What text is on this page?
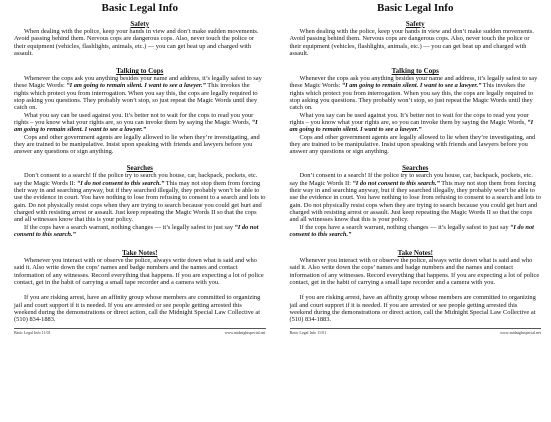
Basic Legal Info
Safety

When dealing with the police, keep your hands in view and don’t make sudden movements. Avoid passing behind them. Nervous cops are dangerous cops. Also, never touch the police or their equipment (vehicles, flashlights, animals, etc.) — you can get beat up and charged with assault.

Talking to Cops

Whenever the cops ask you anything besides your name and address, it’s legally safest to say these Magic Words: “I am going to remain silent. I want to see a lawyer.” This invokes the rights which protect you from interrogation. When you say this, the cops are legally required to stop asking you questions. They probably won’t stop, so just repeat the Magic Words until they catch on.

What you say can be used against you. It’s better not to wait for the cops to read you your rights – you know what your rights are, so you can invoke them by saying the Magic Words, “I am going to remain silent. I want to see a lawyer.”

Cops and other government agents are legally allowed to lie when they’re investigating, and they are trained to be manipulative. Insist upon speaking with friends and lawyers before you answer any questions or sign anything.

Searches

Don’t consent to a search! If the police try to search you house, car, backpack, pockets, etc. say the Magic Words II: “I do not consent to this search.” This may not stop them from forcing their way in and searching anyway, but if they searched illegally, they probably won’t be able to use the evidence in court. You have nothing to lose from refusing to consent to a search and lots to gain. Do not physically resist cops when they are trying to search because you could get hurt and charged with resisting arrest or assault. Just keep repeating the Magic Words II so that the cops and all witnesses know that this is your policy.

If the cops have a search warrant, nothing changes — it’s legally safest to just say “I do not consent to this search.”

Take Notes!

Whenever you interact with or observe the police, always write down what is said and who said it. Also write down the cops’ names and badge numbers and the names and contact information of any witnesses. Record everything that happens. If you are expecting a lot of police contact, get in the habit of carrying a small tape recorder and a camera with you.

If you are risking arrest, have an affinity group whose members are committed to organizing jail and court support if it is needed. If you are arrested or see people getting arrested this weekend during the demonstrations or direct action, call the Midnight Special Law Collective at (510) 834-1883.

Basic Legal Info 11/01	www.midnightspecial.net
Basic Legal Info
Safety

When dealing with the police, keep your hands in view and don’t make sudden movements. Avoid passing behind them. Nervous cops are dangerous cops. Also, never touch the police or their equipment (vehicles, flashlights, animals, etc.) — you can get beat up and charged with assault.

Talking to Cops

Whenever the cops ask you anything besides your name and address, it’s legally safest to say these Magic Words: “I am going to remain silent. I want to see a lawyer.” This invokes the rights which protect you from interrogation. When you say this, the cops are legally required to stop asking you questions. They probably won’t stop, so just repeat the Magic Words until they catch on.

What you say can be used against you. It’s better not to wait for the cops to read you your rights – you know what your rights are, so you can invoke them by saying the Magic Words, “I am going to remain silent. I want to see a lawyer.”

Cops and other government agents are legally allowed to lie when they’re investigating, and they are trained to be manipulative. Insist upon speaking with friends and lawyers before you answer any questions or sign anything.

Searches

Don’t consent to a search! If the police try to search you house, car, backpack, pockets, etc. say the Magic Words II: “I do not consent to this search.” This may not stop them from forcing their way in and searching anyway, but if they searched illegally, they probably won’t be able to use the evidence in court. You have nothing to lose from refusing to consent to a search and lots to gain. Do not physically resist cops when they are trying to search because you could get hurt and charged with resisting arrest or assault. Just keep repeating the Magic Words II so that the cops and all witnesses know that this is your policy.

If the cops have a search warrant, nothing changes — it’s legally safest to just say “I do not consent to this search.”

Take Notes!

Whenever you interact with or observe the police, always write down what is said and who said it. Also write down the cops’ names and badge numbers and the names and contact information of any witnesses. Record everything that happens. If you are expecting a lot of police contact, get in the habit of carrying a small tape recorder and a camera with you.

If you are risking arrest, have an affinity group whose members are committed to organizing jail and court support if it is needed. If you are arrested or see people getting arrested this weekend during the demonstrations or direct action, call the Midnight Special Law Collective at (510) 834-1883.

Basic Legal Info 11/01	www.midnightspecial.net
